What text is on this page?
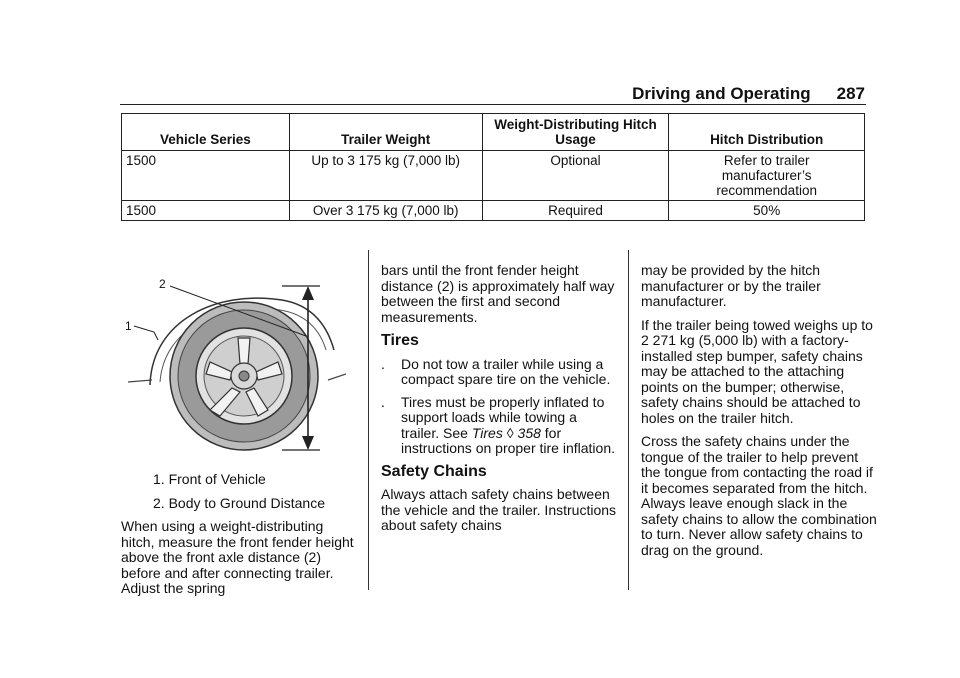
Driving and Operating 287
Vehicle Series	Trailer Weight	Weight-Distributing Hitch Usage	Hitch Distribution
1500	Up to 3 175 kg (7,000 lb)	Optional	Refer to trailer manufacturer’s recommendation
1500	Over 3 175 kg (7,000 lb)	Required	50%
2
1

1. Front of Vehicle

2. Body to Ground Distance

When using a weight-distributing hitch, measure the front fender height above the front axle distance (2) before and after connecting trailer. Adjust the spring

bars until the front fender height distance (2) is approximately half way between the first and second measurements.

Tires
. Do not tow a trailer while using a compact spare tire on the vehicle.
. Tires must be properly inflated to support loads while towing a trailer. See Tires ◊ 358 for instructions on proper tire inflation.
Safety Chains

Always attach safety chains between the vehicle and the trailer. Instructions about safety chains

may be provided by the hitch manufacturer or by the trailer manufacturer.

If the trailer being towed weighs up to 2 271 kg (5,000 lb) with a factory-installed step bumper, safety chains may be attached to the attaching points on the bumper; otherwise, safety chains should be attached to holes on the trailer hitch.

Cross the safety chains under the tongue of the trailer to help prevent the tongue from contacting the road if it becomes separated from the hitch. Always leave enough slack in the safety chains to allow the combination to turn. Never allow safety chains to drag on the ground.
